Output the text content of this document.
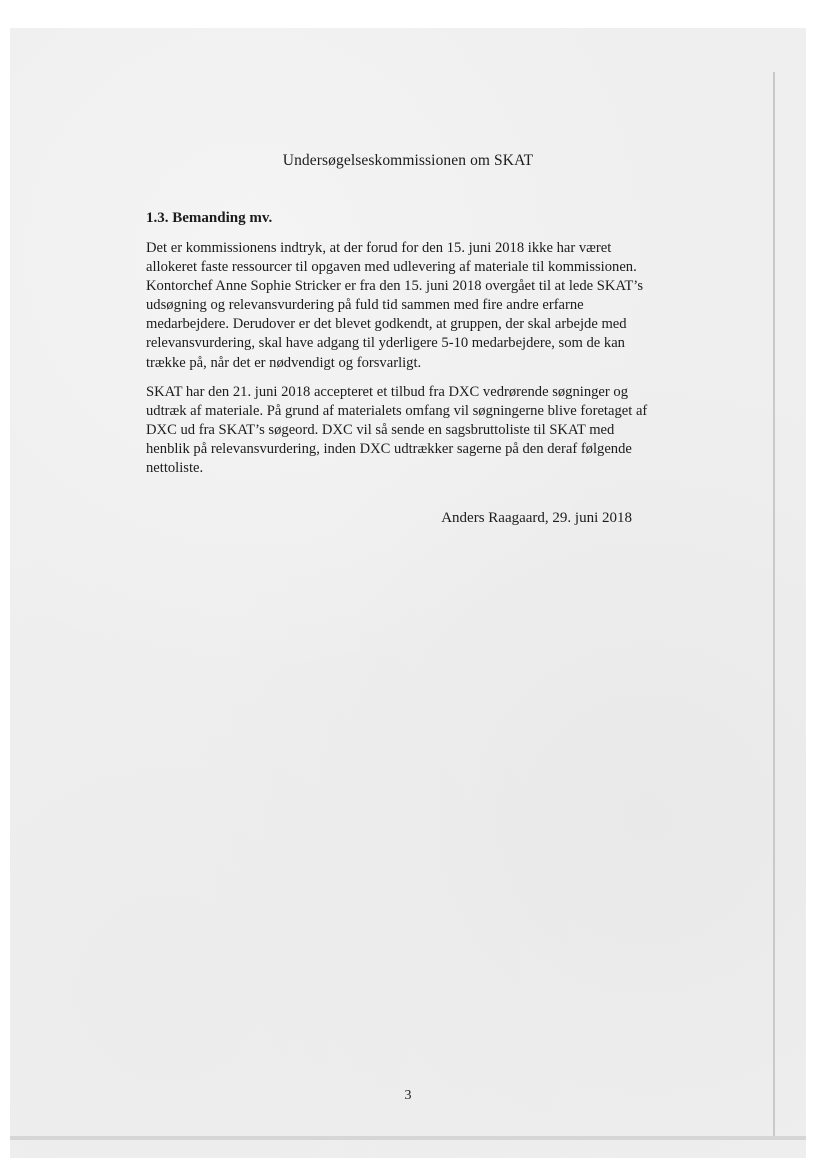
Undersøgelseskommissionen om SKAT
1.3. Bemanding mv.
Det er kommissionens indtryk, at der forud for den 15. juni 2018 ikke har været
allokeret faste ressourcer til opgaven med udlevering af materiale til kommissionen.
Kontorchef Anne Sophie Stricker er fra den 15. juni 2018 overgået til at lede SKAT’s
udsøgning og relevansvurdering på fuld tid sammen med fire andre erfarne
medarbejdere. Derudover er det blevet godkendt, at gruppen, der skal arbejde med
relevansvurdering, skal have adgang til yderligere 5-10 medarbejdere, som de kan
trække på, når det er nødvendigt og forsvarligt.
SKAT har den 21. juni 2018 accepteret et tilbud fra DXC vedrørende søgninger og
udtræk af materiale. På grund af materialets omfang vil søgningerne blive foretaget af
DXC ud fra SKAT’s søgeord. DXC vil så sende en sagsbruttoliste til SKAT med
henblik på relevansvurdering, inden DXC udtrækker sagerne på den deraf følgende
nettoliste.
Anders Raagaard, 29. juni 2018
3
